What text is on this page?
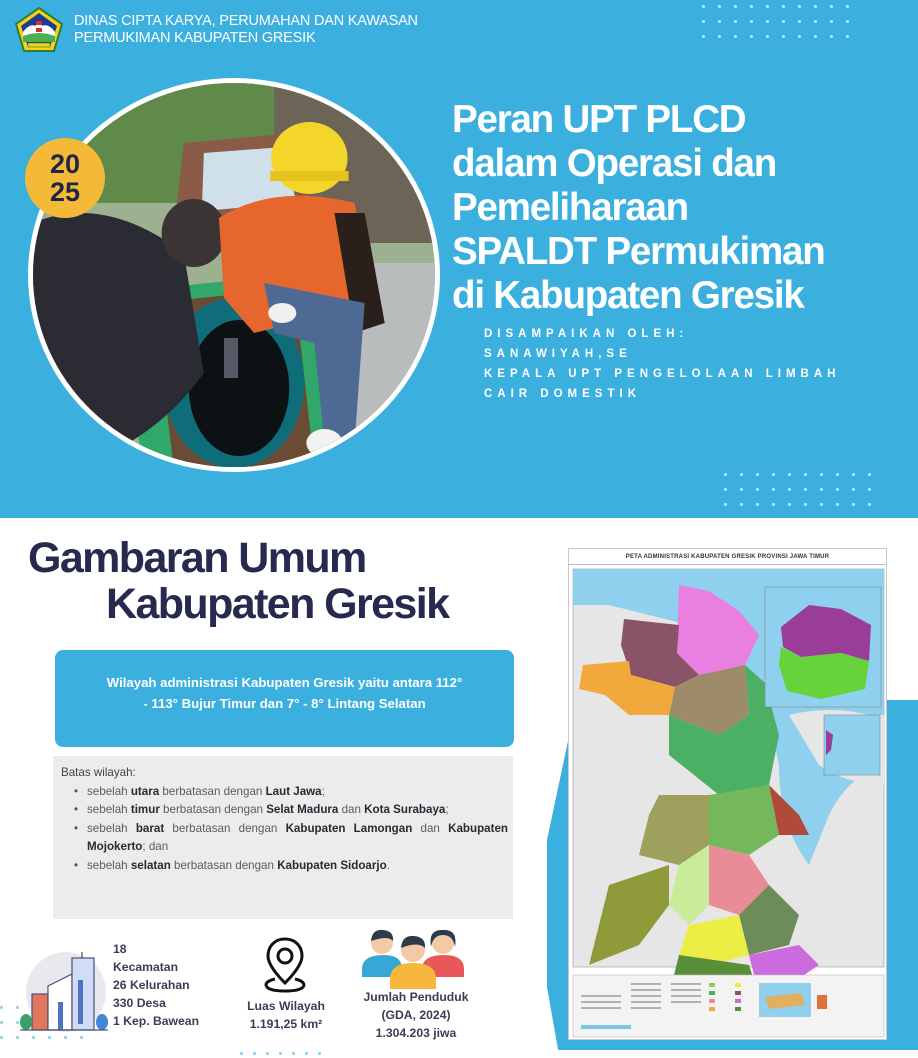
DINAS CIPTA KARYA, PERUMAHAN DAN KAWASAN
PERMUKIMAN KABUPATEN GRESIK
20
25
Peran UPT PLCD
dalam Operasi dan
Pemeliharaan
SPALDT Permukiman
di Kabupaten Gresik
DISAMPAIKAN OLEH:
SANAWIYAH,SE
KEPALA UPT PENGELOLAAN LIMBAH
CAIR DOMESTIK
Gambaran Umum
Kabupaten Gresik
Wilayah administrasi Kabupaten Gresik yaitu antara 112°
- 113° Bujur Timur dan 7° - 8° Lintang Selatan
Batas wilayah:
• sebelah utara berbatasan dengan Laut Jawa;
• sebelah timur berbatasan dengan Selat Madura dan Kota Surabaya;
• sebelah barat berbatasan dengan Kabupaten Lamongan dan Kabupaten Mojokerto; dan
• sebelah selatan berbatasan dengan Kabupaten Sidoarjo.
18
Kecamatan
26 Kelurahan
330 Desa
1 Kep. Bawean
Luas Wilayah
1.191,25 km²
Jumlah Penduduk
(GDA, 2024)
1.304.203 jiwa
PETA ADMINISTRASI KABUPATEN GRESIK PROVINSI JAWA TIMUR
